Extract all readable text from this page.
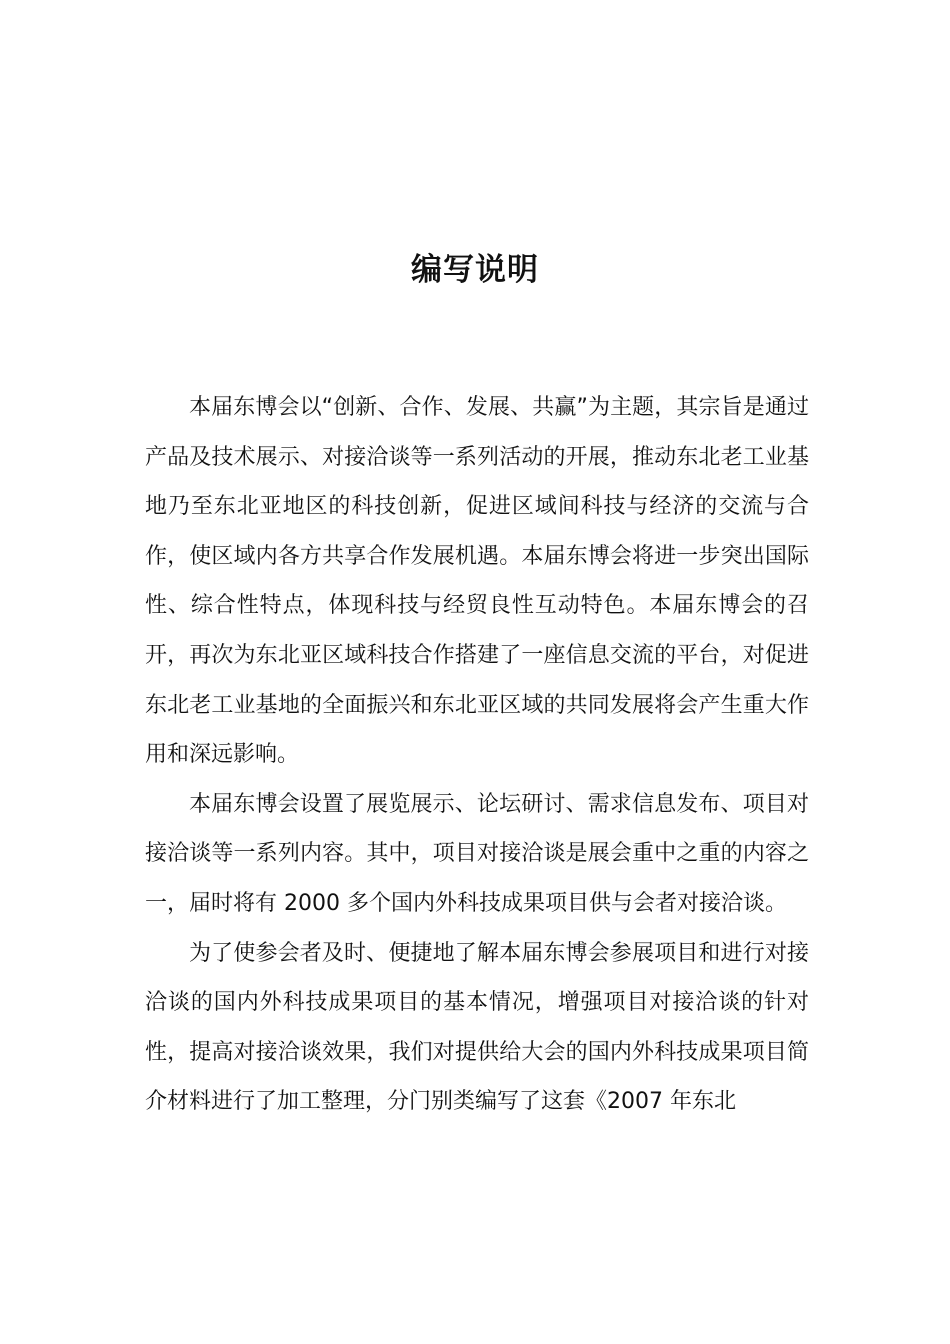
编写说明

本届东博会以“创新、合作、发展、共赢”为主题，其宗旨是通过产品及技术展示、对接洽谈等一系列活动的开展，推动东北老工业基地乃至东北亚地区的科技创新，促进区域间科技与经济的交流与合作，使区域内各方共享合作发展机遇。本届东博会将进一步突出国际性、综合性特点，体现科技与经贸良性互动特色。本届东博会的召开，再次为东北亚区域科技合作搭建了一座信息交流的平台，对促进东北老工业基地的全面振兴和东北亚区域的共同发展将会产生重大作用和深远影响。

本届东博会设置了展览展示、论坛研讨、需求信息发布、项目对接洽谈等一系列内容。其中，项目对接洽谈是展会重中之重的内容之一，届时将有 2000 多个国内外科技成果项目供与会者对接洽谈。

为了使参会者及时、便捷地了解本届东博会参展项目和进行对接洽谈的国内外科技成果项目的基本情况，增强项目对接洽谈的针对性，提高对接洽谈效果，我们对提供给大会的国内外科技成果项目简介材料进行了加工整理，分门别类编写了这套《2007 年东北
